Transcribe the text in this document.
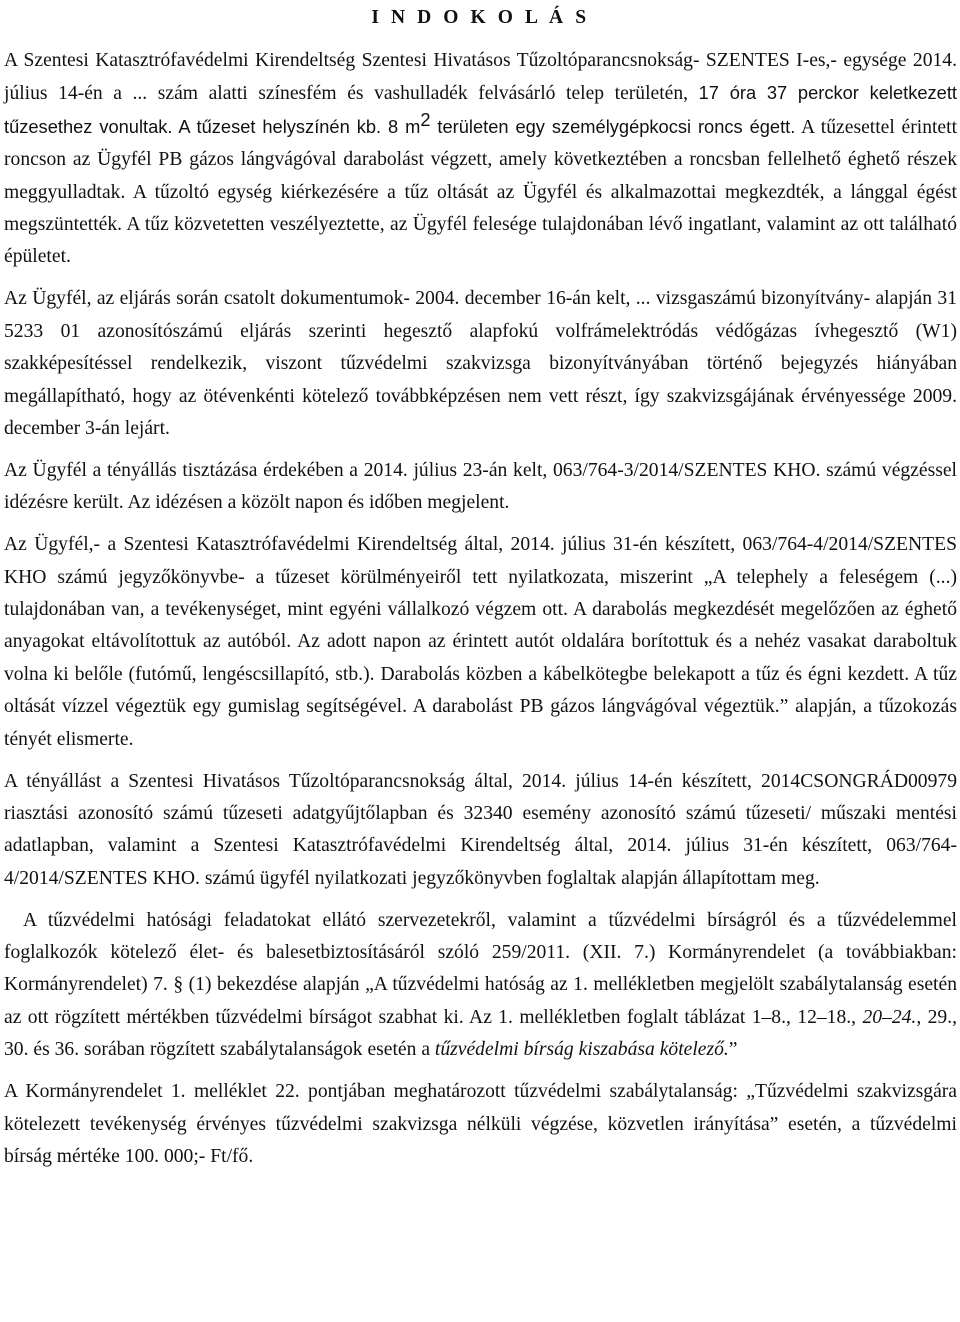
I N D O K O L Á S

A Szentesi Katasztrófavédelmi Kirendeltség Szentesi Hivatásos Tűzoltóparancsnokság- SZENTES I-es,- egysége 2014. július 14-én a ... szám alatti színesfém és vashulladék felvásárló telep területén, 17 óra 37 perckor keletkezett tűzesethez vonultak. A tűzeset helyszínén kb. 8 $m^2$ területen egy személygépkocsi roncs égett. A tűzesettel érintett roncson az Ügyfél PB gázos lángvágóval darabolást végzett, amely következtében a roncsban fellelhető éghető részek meggyulladtak. A tűzoltó egység kiérkezésére a tűz oltását az Ügyfél és alkalmazottai megkezdték, a lánggal égést megszüntették. A tűz közvetetten veszélyeztette, az Ügyfél felesége tulajdonában lévő ingatlant, valamint az ott található épületet.

Az Ügyfél, az eljárás során csatolt dokumentumok- 2004. december 16-án kelt, ... vizsgaszámú bizonyítvány- alapján 31 5233 01 azonosítószámú eljárás szerinti hegesztő alapfokú volfrámelektródás védőgázas ívhegesztő (W1) szakképesítéssel rendelkezik, viszont tűzvédelmi szakvizsga bizonyítványában történő bejegyzés hiányában megállapítható, hogy az ötévenkénti kötelező továbbképzésen nem vett részt, így szakvizsgájának érvényessége 2009. december 3-án lejárt.

Az Ügyfél a tényállás tisztázása érdekében a 2014. július 23-án kelt, 063/764-3/2014/SZENTES KHO. számú végzéssel idézésre került. Az idézésen a közölt napon és időben megjelent.

Az Ügyfél,- a Szentesi Katasztrófavédelmi Kirendeltség által, 2014. július 31-én készített, 063/764-4/2014/SZENTES KHO számú jegyzőkönyvbe- a tűzeset körülményeiről tett nyilatkozata, miszerint „A telephely a feleségem (...) tulajdonában van, a tevékenységet, mint egyéni vállalkozó végzem ott. A darabolás megkezdését megelőzően az éghető anyagokat eltávolítottuk az autóból. Az adott napon az érintett autót oldalára borítottuk és a nehéz vasakat daraboltuk volna ki belőle (futómű, lengéscsillapító, stb.). Darabolás közben a kábelkötegbe belekapott a tűz és égni kezdett. A tűz oltását vízzel végeztük egy gumislag segítségével. A darabolást PB gázos lángvágóval végeztük.” alapján, a tűzokozás tényét elismerte.

A tényállást a Szentesi Hivatásos Tűzoltóparancsnokság által, 2014. július 14-én készített, 2014CSONGRÁD00979 riasztási azonosító számú tűzeseti adatgyűjtőlapban és 32340 esemény azonosító számú tűzeseti/ műszaki mentési adatlapban, valamint a Szentesi Katasztrófavédelmi Kirendeltség által, 2014. július 31-én készített, 063/764-4/2014/SZENTES KHO. számú ügyfél nyilatkozati jegyzőkönyvben foglaltak alapján állapítottam meg.

A tűzvédelmi hatósági feladatokat ellátó szervezetekről, valamint a tűzvédelmi bírságról és a tűzvédelemmel foglalkozók kötelező élet- és balesetbiztosításáról szóló 259/2011. (XII. 7.) Kormányrendelet (a továbbiakban: Kormányrendelet) 7. § (1) bekezdése alapján „A tűzvédelmi hatóság az 1. mellékletben megjelölt szabálytalanság esetén az ott rögzített mértékben tűzvédelmi bírságot szabhat ki. Az 1. mellékletben foglalt táblázat 1–8., 12–18., 20–24., 29., 30. és 36. sorában rögzített szabálytalanságok esetén a tűzvédelmi bírság kiszabása kötelező.”

A Kormányrendelet 1. melléklet 22. pontjában meghatározott tűzvédelmi szabálytalanság: „Tűzvédelmi szakvizsgára kötelezett tevékenység érvényes tűzvédelmi szakvizsga nélküli végzése, közvetlen irányítása” esetén, a tűzvédelmi bírság mértéke 100. 000;- Ft/fő.
